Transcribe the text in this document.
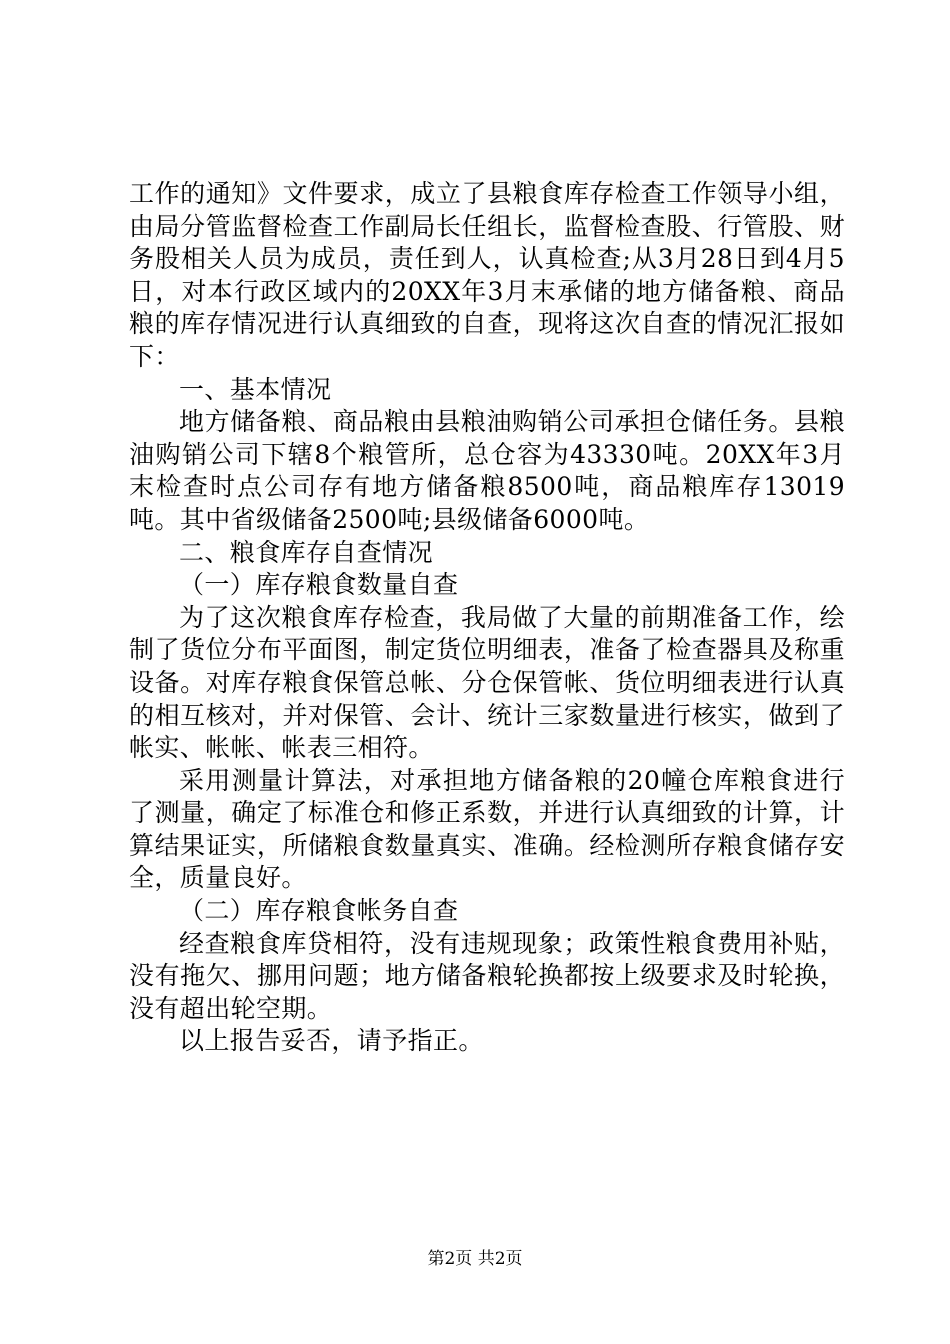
工作的通知》文件要求，成立了县粮食库存检查工作领导小组，由局分管监督检查工作副局长任组长，监督检查股、行管股、财务股相关人员为成员，责任到人，认真检查;从3月28日到4月5日，对本行政区域内的20XX年3月末承储的地方储备粮、商品粮的库存情况进行认真细致的自查，现将这次自查的情况汇报如下：

一、基本情况

地方储备粮、商品粮由县粮油购销公司承担仓储任务。县粮油购销公司下辖8个粮管所，总仓容为43330吨。20XX年3月末检查时点公司存有地方储备粮8500吨，商品粮库存13019吨。其中省级储备2500吨;县级储备6000吨。

二、粮食库存自查情况

（一）库存粮食数量自查

为了这次粮食库存检查，我局做了大量的前期准备工作，绘制了货位分布平面图，制定货位明细表，准备了检查器具及称重设备。对库存粮食保管总帐、分仓保管帐、货位明细表进行认真的相互核对，并对保管、会计、统计三家数量进行核实，做到了帐实、帐帐、帐表三相符。

采用测量计算法，对承担地方储备粮的20幢仓库粮食进行了测量，确定了标准仓和修正系数，并进行认真细致的计算，计算结果证实，所储粮食数量真实、准确。经检测所存粮食储存安全，质量良好。

（二）库存粮食帐务自查

经查粮食库贷相符，没有违规现象；政策性粮食费用补贴，没有拖欠、挪用问题；地方储备粮轮换都按上级要求及时轮换，没有超出轮空期。

以上报告妥否，请予指正。

第2页 共2页
